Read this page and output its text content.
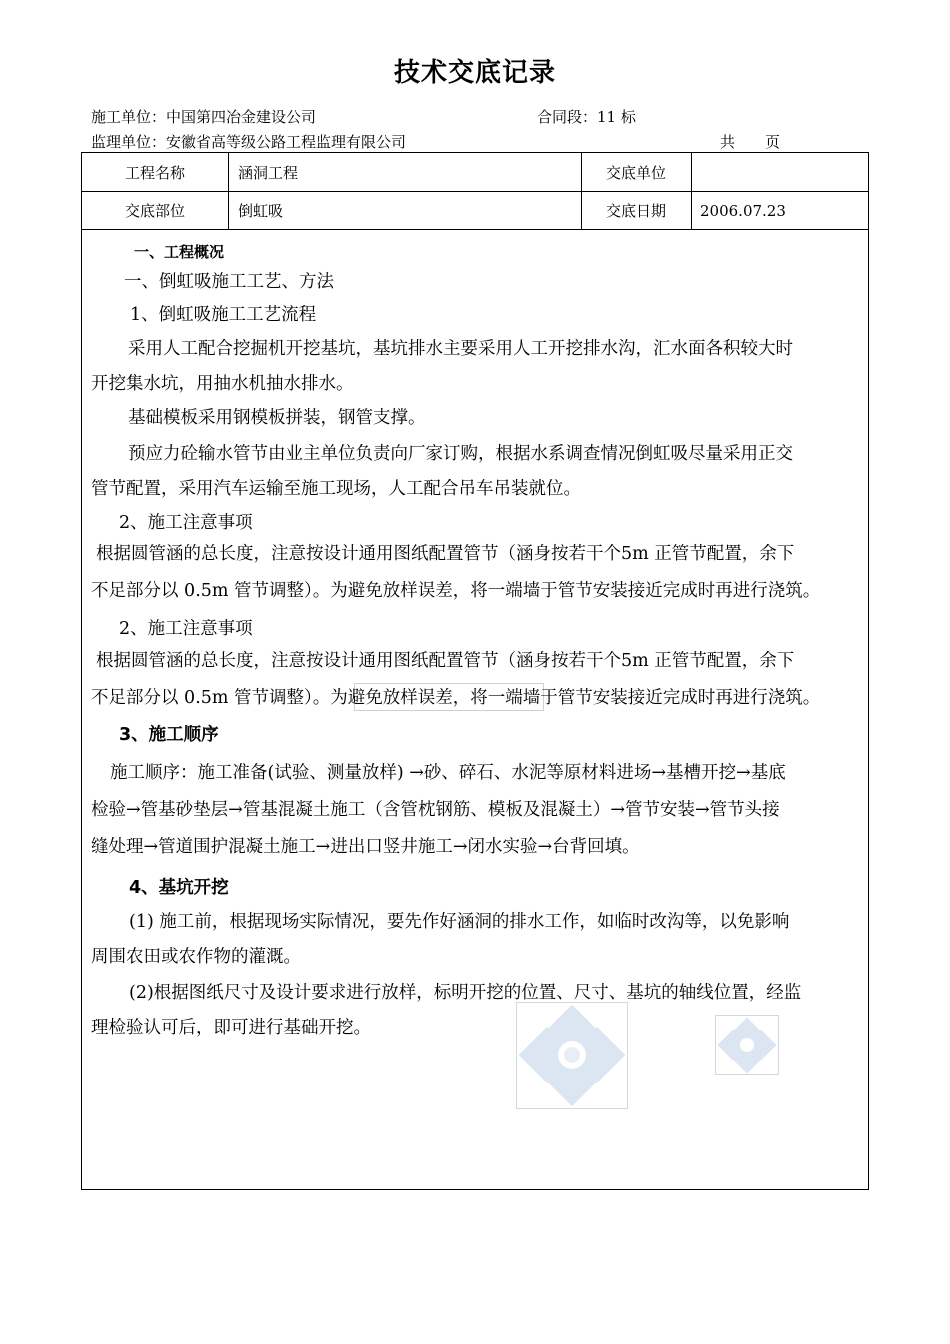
技术交底记录
施工单位：中国第四冶金建设公司	合同段：11 标
监理单位：安徽省高等级公路工程监理有限公司	共　　页
工程名称	涵洞工程	交底单位
交底部位	倒虹吸	交底日期	2006.07.23
一、工程概况
一、倒虹吸施工工艺、方法
1、倒虹吸施工工艺流程
采用人工配合挖掘机开挖基坑，基坑排水主要采用人工开挖排水沟，汇水面各积较大时
开挖集水坑，用抽水机抽水排水。
基础模板采用钢模板拼装，钢管支撑。
预应力砼输水管节由业主单位负责向厂家订购，根据水系调查情况倒虹吸尽量采用正交
管节配置，采用汽车运输至施工现场，人工配合吊车吊装就位。
2、施工注意事项
根据圆管涵的总长度，注意按设计通用图纸配置管节（涵身按若干个5m 正管节配置，余下
不足部分以 0.5m 管节调整）。为避免放样误差，将一端墙于管节安装接近完成时再进行浇筑。
2、施工注意事项
根据圆管涵的总长度，注意按设计通用图纸配置管节（涵身按若干个5m 正管节配置，余下
不足部分以 0.5m 管节调整）。为避免放样误差，将一端墙于管节安装接近完成时再进行浇筑。
3、施工顺序
施工顺序：施工准备(试验、测量放样) →砂、碎石、水泥等原材料进场→基槽开挖→基底
检验→管基砂垫层→管基混凝土施工（含管枕钢筋、模板及混凝土）→管节安装→管节头接
缝处理→管道围护混凝土施工→进出口竖井施工→闭水实验→台背回填。
4、基坑开挖
(1) 施工前，根据现场实际情况，要先作好涵洞的排水工作，如临时改沟等，以免影响
周围农田或农作物的灌溉。
(2)根据图纸尺寸及设计要求进行放样，标明开挖的位置、尺寸、基坑的轴线位置，经监
理检验认可后，即可进行基础开挖。
